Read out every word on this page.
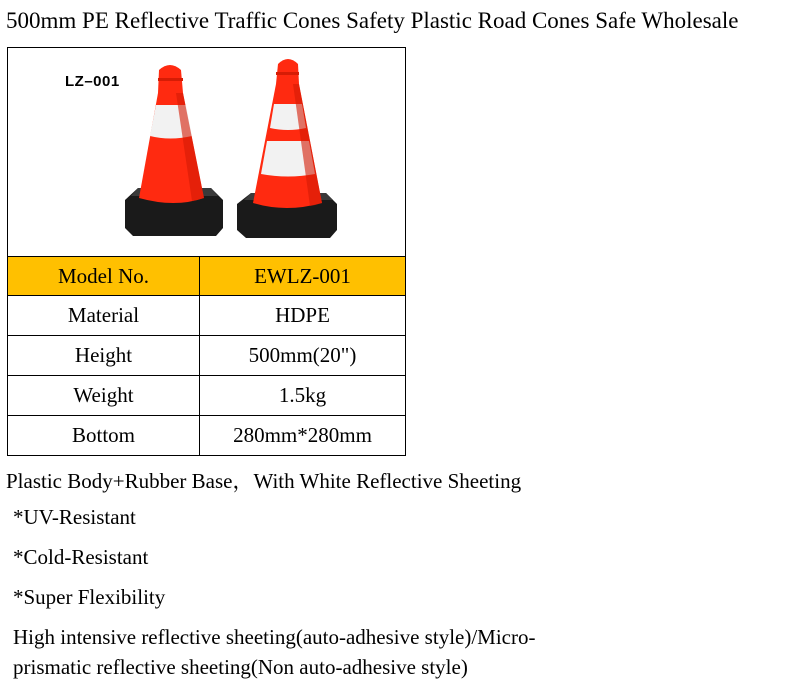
500mm PE Reflective Traffic Cones Safety Plastic Road Cones Safe Wholesale
LZ–001
Model No.	EWLZ-001
Material	HDPE
Height	500mm(20")
Weight	1.5kg
Bottom	280mm*280mm
Plastic Body+Rubber Base，With White Reflective Sheeting
*UV-Resistant
*Cold-Resistant
*Super Flexibility
High intensive reflective sheeting(auto-adhesive style)/Micro-
prismatic reflective sheeting(Non auto-adhesive style)
